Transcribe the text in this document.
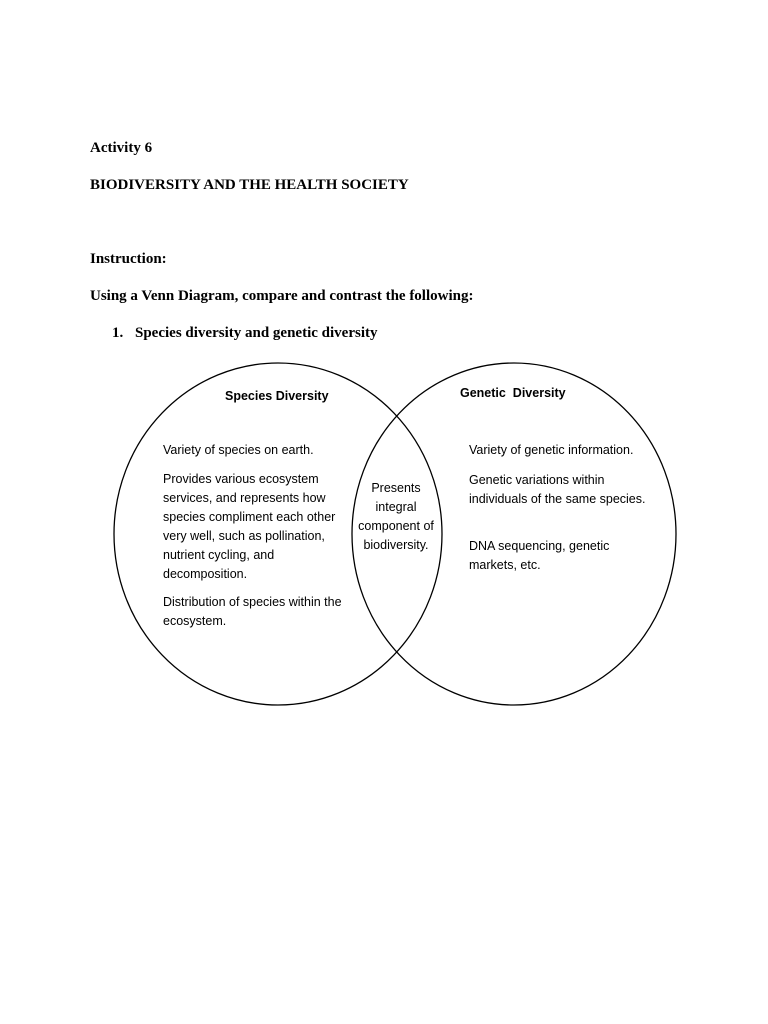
Activity 6

BIODIVERSITY AND THE HEALTH SOCIETY

Instruction:

Using a Venn Diagram, compare and contrast the following:

1. Species diversity and genetic diversity

Species Diversity	Genetic  Diversity

Variety of species on earth.

Provides various ecosystem services, and represents how species compliment each other very well, such as pollination, nutrient cycling, and decomposition.

Distribution of species within the ecosystem.

Presents integral component of biodiversity.

Variety of genetic information.

Genetic variations within individuals of the same species.

DNA sequencing, genetic markets, etc.
